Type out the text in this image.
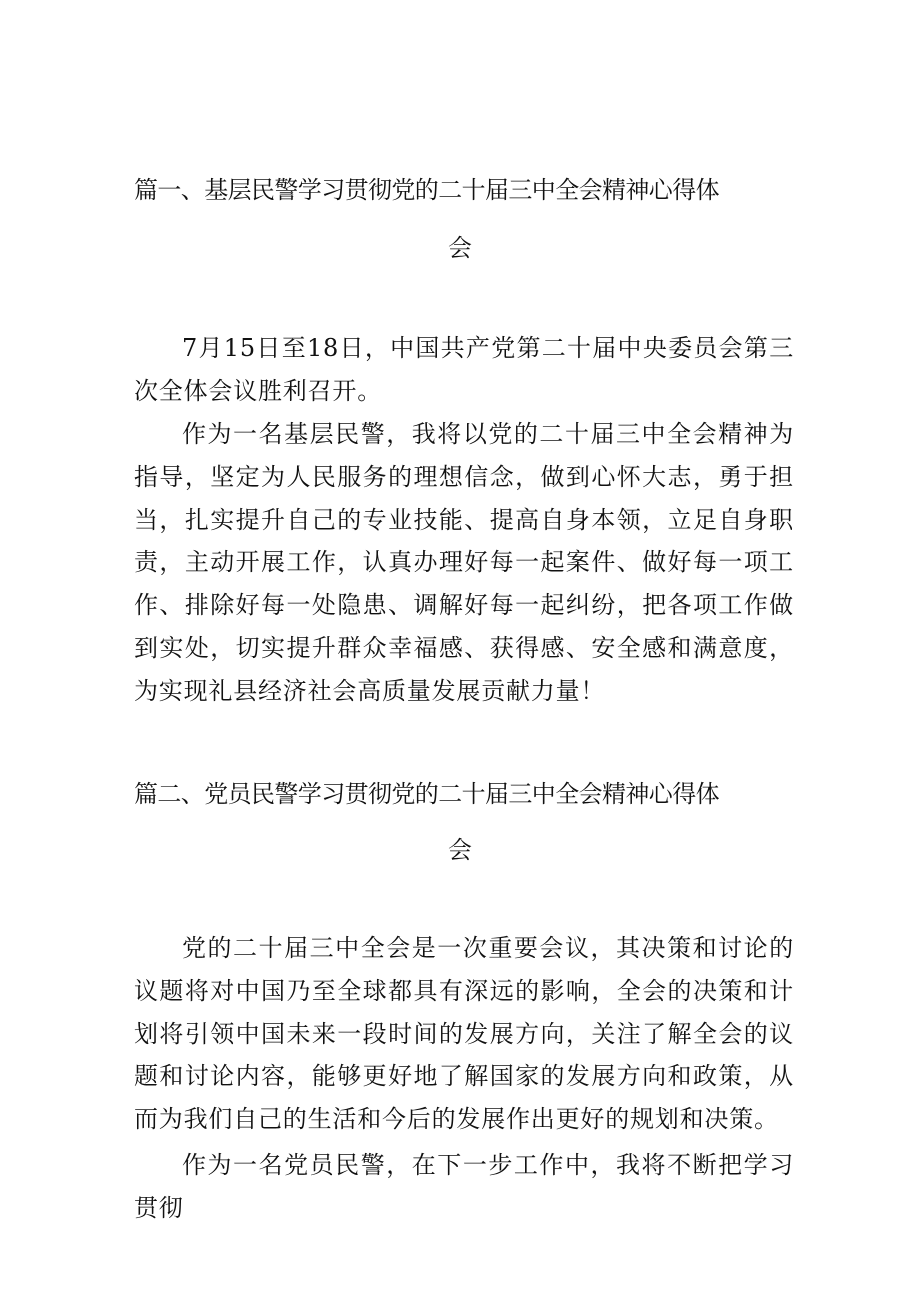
篇一、基层民警学习贯彻党的二十届三中全会精神心得体
会

7月15日至18日，中国共产党第二十届中央委员会第三次全体会议胜利召开。

作为一名基层民警，我将以党的二十届三中全会精神为指导，坚定为人民服务的理想信念，做到心怀大志，勇于担当，扎实提升自己的专业技能、提高自身本领，立足自身职责，主动开展工作，认真办理好每一起案件、做好每一项工作、排除好每一处隐患、调解好每一起纠纷，把各项工作做到实处，切实提升群众幸福感、获得感、安全感和满意度，为实现礼县经济社会高质量发展贡献力量！

篇二、党员民警学习贯彻党的二十届三中全会精神心得体
会

党的二十届三中全会是一次重要会议，其决策和讨论的议题将对中国乃至全球都具有深远的影响，全会的决策和计划将引领中国未来一段时间的发展方向，关注了解全会的议题和讨论内容，能够更好地了解国家的发展方向和政策，从而为我们自己的生活和今后的发展作出更好的规划和决策。

作为一名党员民警，在下一步工作中，我将不断把学习贯彻
